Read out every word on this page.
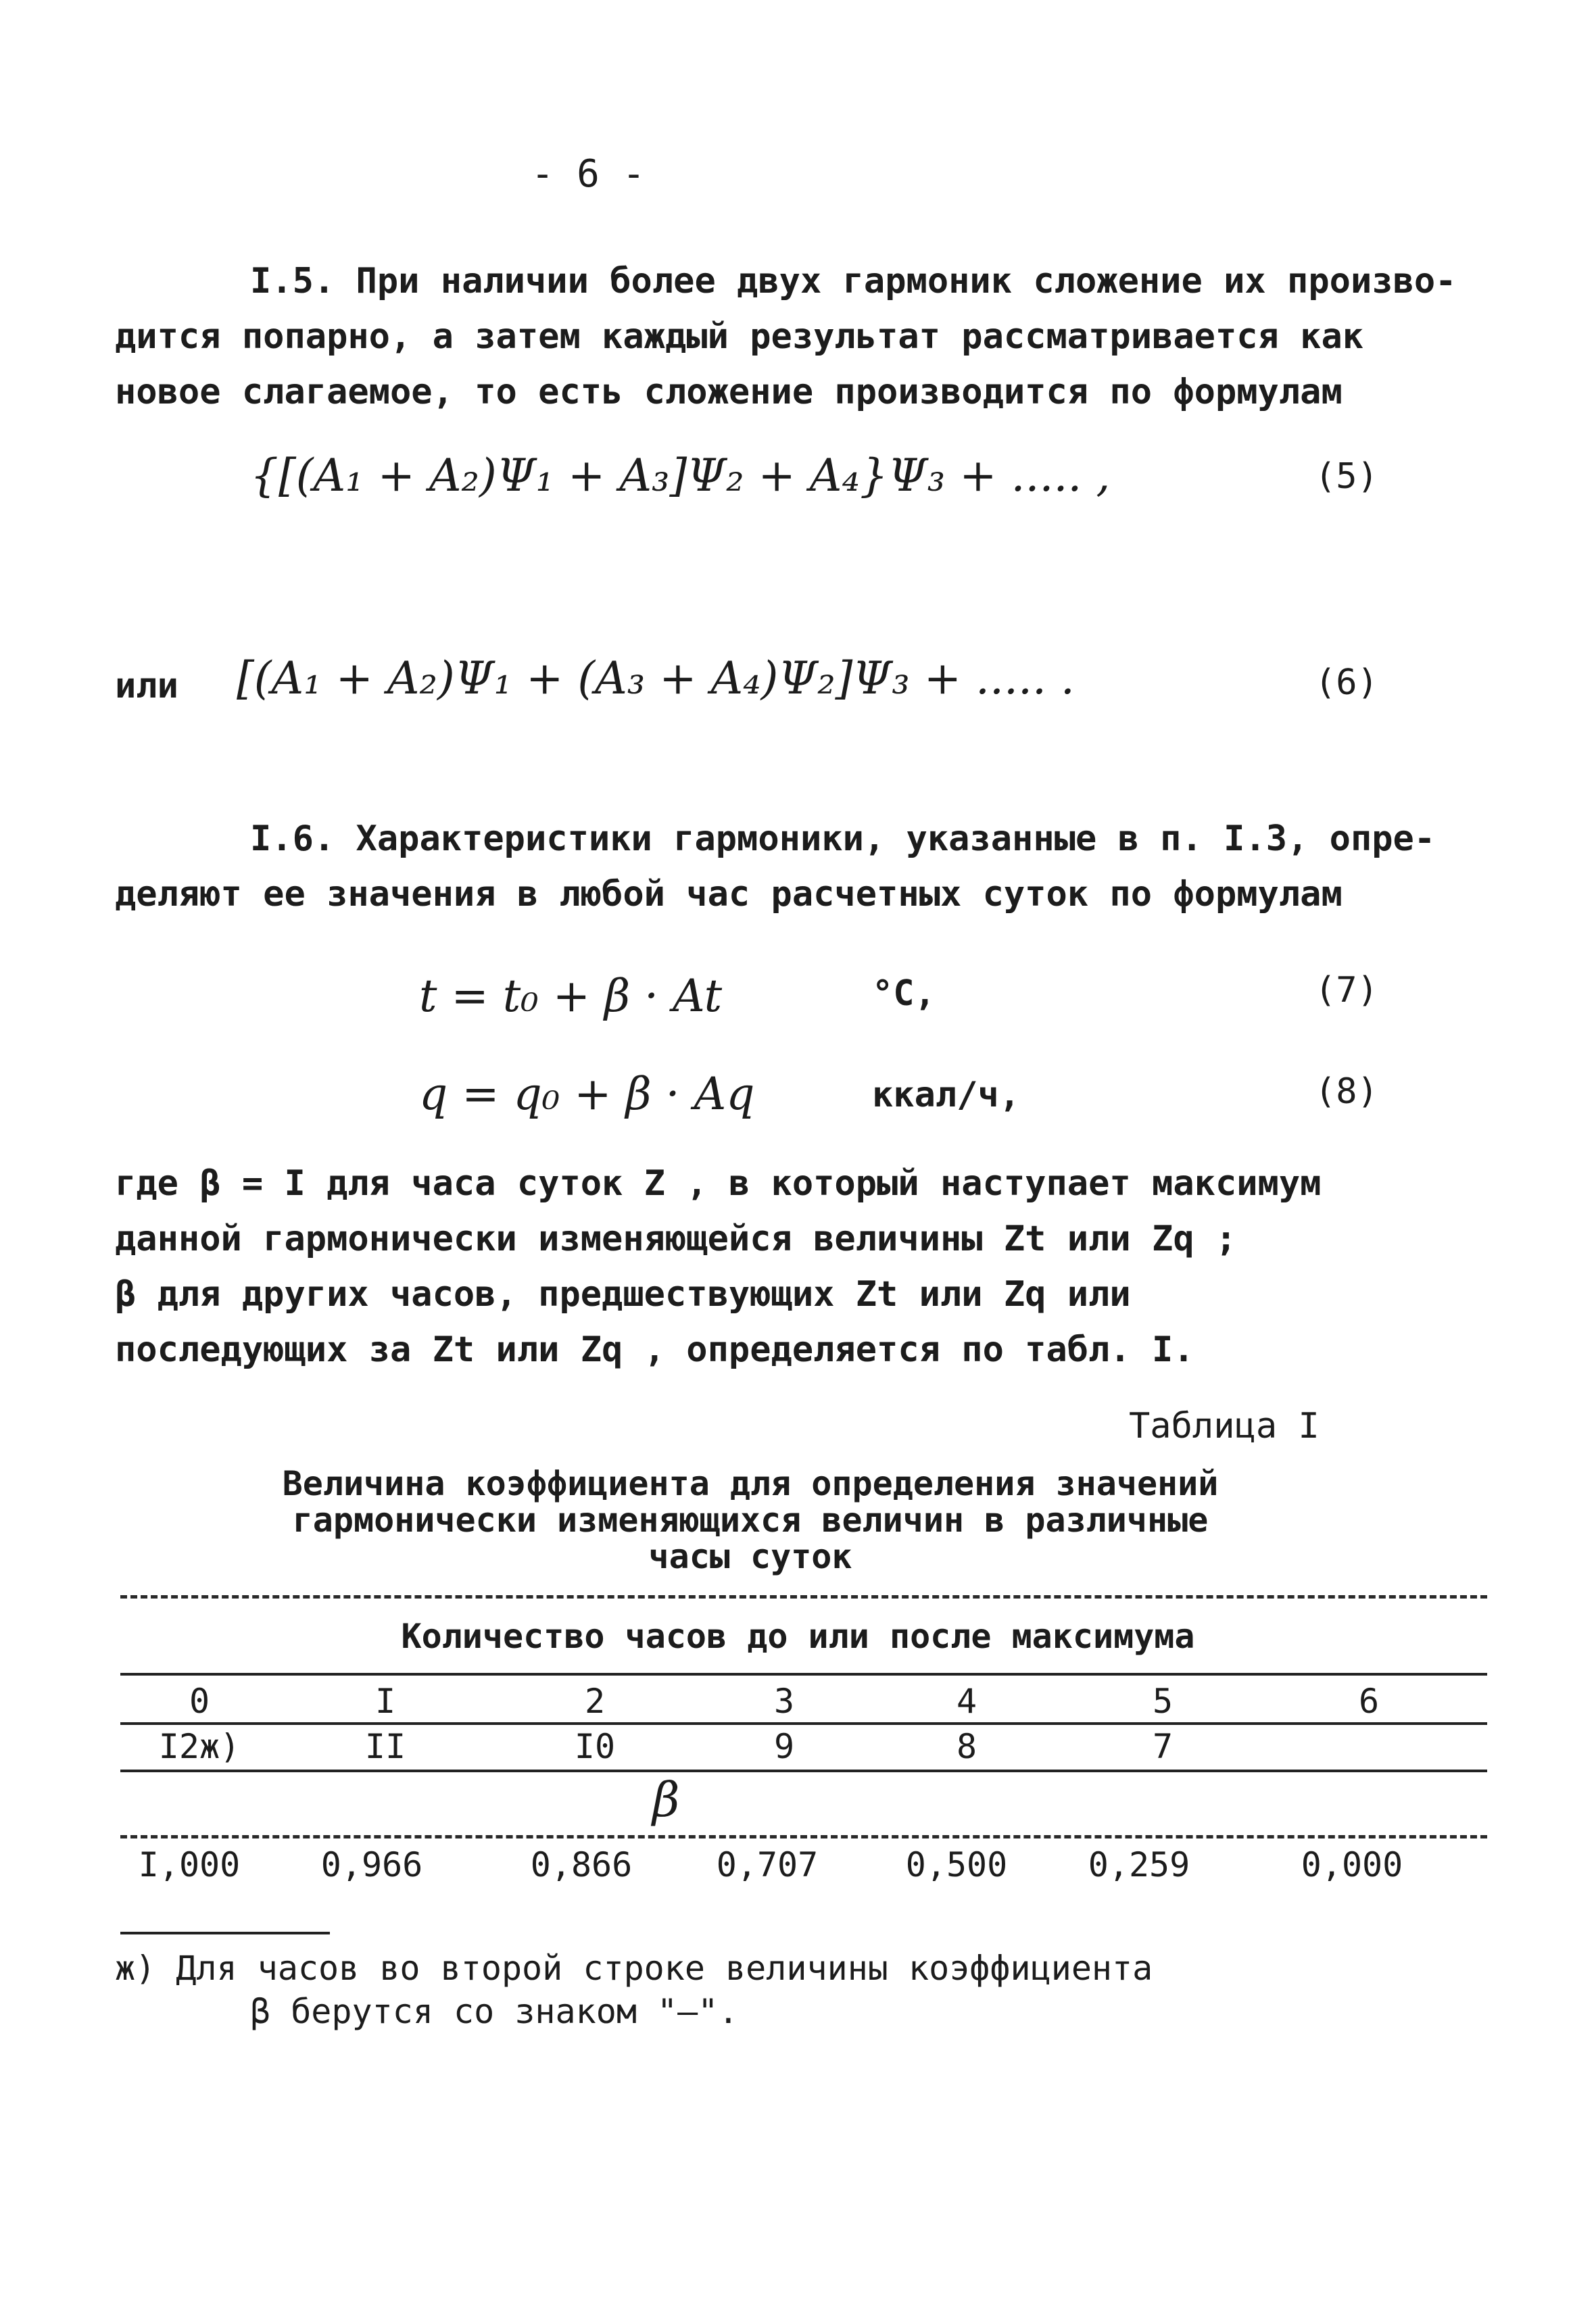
- 6 -
I.5. При наличии более двух гармоник сложение их произво-
дится попарно, а затем каждый результат рассматривается как
новое слагаемое, то есть сложение производится по формулам
{[(A₁ + A₂)Ψ₁ + A₃]Ψ₂ + A₄}Ψ₃ + ..... ,	(5)
или [(A₁ + A₂)Ψ₁ + (A₃ + A₄)Ψ₂]Ψ₃ + ..... .	(6)
I.6. Характеристики гармоники, указанные в п. I.3, опре-
деляют ее значения в любой час расчетных суток по формулам
t = t₀ + β · At	°C,	(7)
q = q₀ + β · Aq	ккал/ч,	(8)
где β = I для часа суток Z , в который наступает максимум
данной гармонически изменяющейся величины Zt или Zq ;
β для других часов, предшествующих Zt или Zq или
последующих за Zt или Zq , определяется по табл. I.
Таблица I
Величина коэффициента для определения значений
гармонически изменяющихся величин в различные
часы суток
Количество часов до или после максимума
0	I	2	3	4	5	6
I2ж)	II	I0	9	8	7
β
I,000	0,966	0,866	0,707	0,500	0,259	0,000
ж) Для часов во второй строке величины коэффициента
β берутся со знаком "–".
